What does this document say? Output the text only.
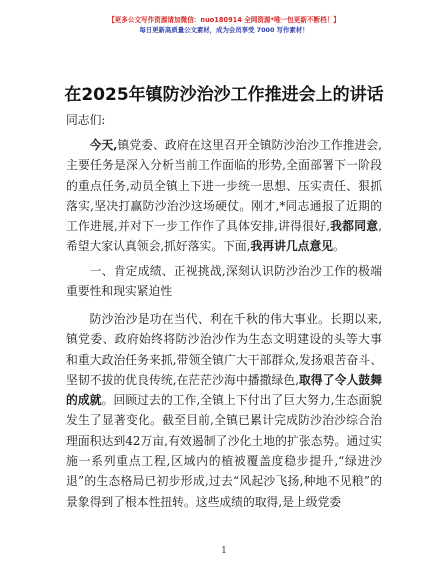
【更多公文写作资源请加微信：nuo180914 全网资源*唯一包更新不断档！】
每日更新高质量公文素材，成为会员享受 7000 写作素材！
在2025年镇防沙治沙工作推进会上的讲话
同志们:
今天,镇党委、政府在这里召开全镇防沙治沙工作推进会,主要任务是深入分析当前工作面临的形势,全面部署下一阶段的重点任务,动员全镇上下进一步统一思想、压实责任、狠抓落实,坚决打赢防沙治沙这场硬仗。刚才,*同志通报了近期的工作进展,并对下一步工作作了具体安排,讲得很好,我都同意,希望大家认真领会,抓好落实。下面,我再讲几点意见。
一、肯定成绩、正视挑战,深刻认识防沙治沙工作的极端重要性和现实紧迫性
防沙治沙是功在当代、利在千秋的伟大事业。长期以来,镇党委、政府始终将防沙治沙作为生态文明建设的头等大事和重大政治任务来抓,带领全镇广大干部群众,发扬艰苦奋斗、坚韧不拔的优良传统,在茫茫沙海中播撒绿色,取得了令人鼓舞的成就。回顾过去的工作,全镇上下付出了巨大努力,生态面貌发生了显著变化。截至目前,全镇已累计完成防沙治沙综合治理面积达到42万亩,有效遏制了沙化土地的扩张态势。通过实施一系列重点工程,区域内的植被覆盖度稳步提升,“绿进沙退”的生态格局已初步形成,过去“风起沙飞扬,种地不见粮”的景象得到了根本性扭转。这些成绩的取得,是上级党委
1
